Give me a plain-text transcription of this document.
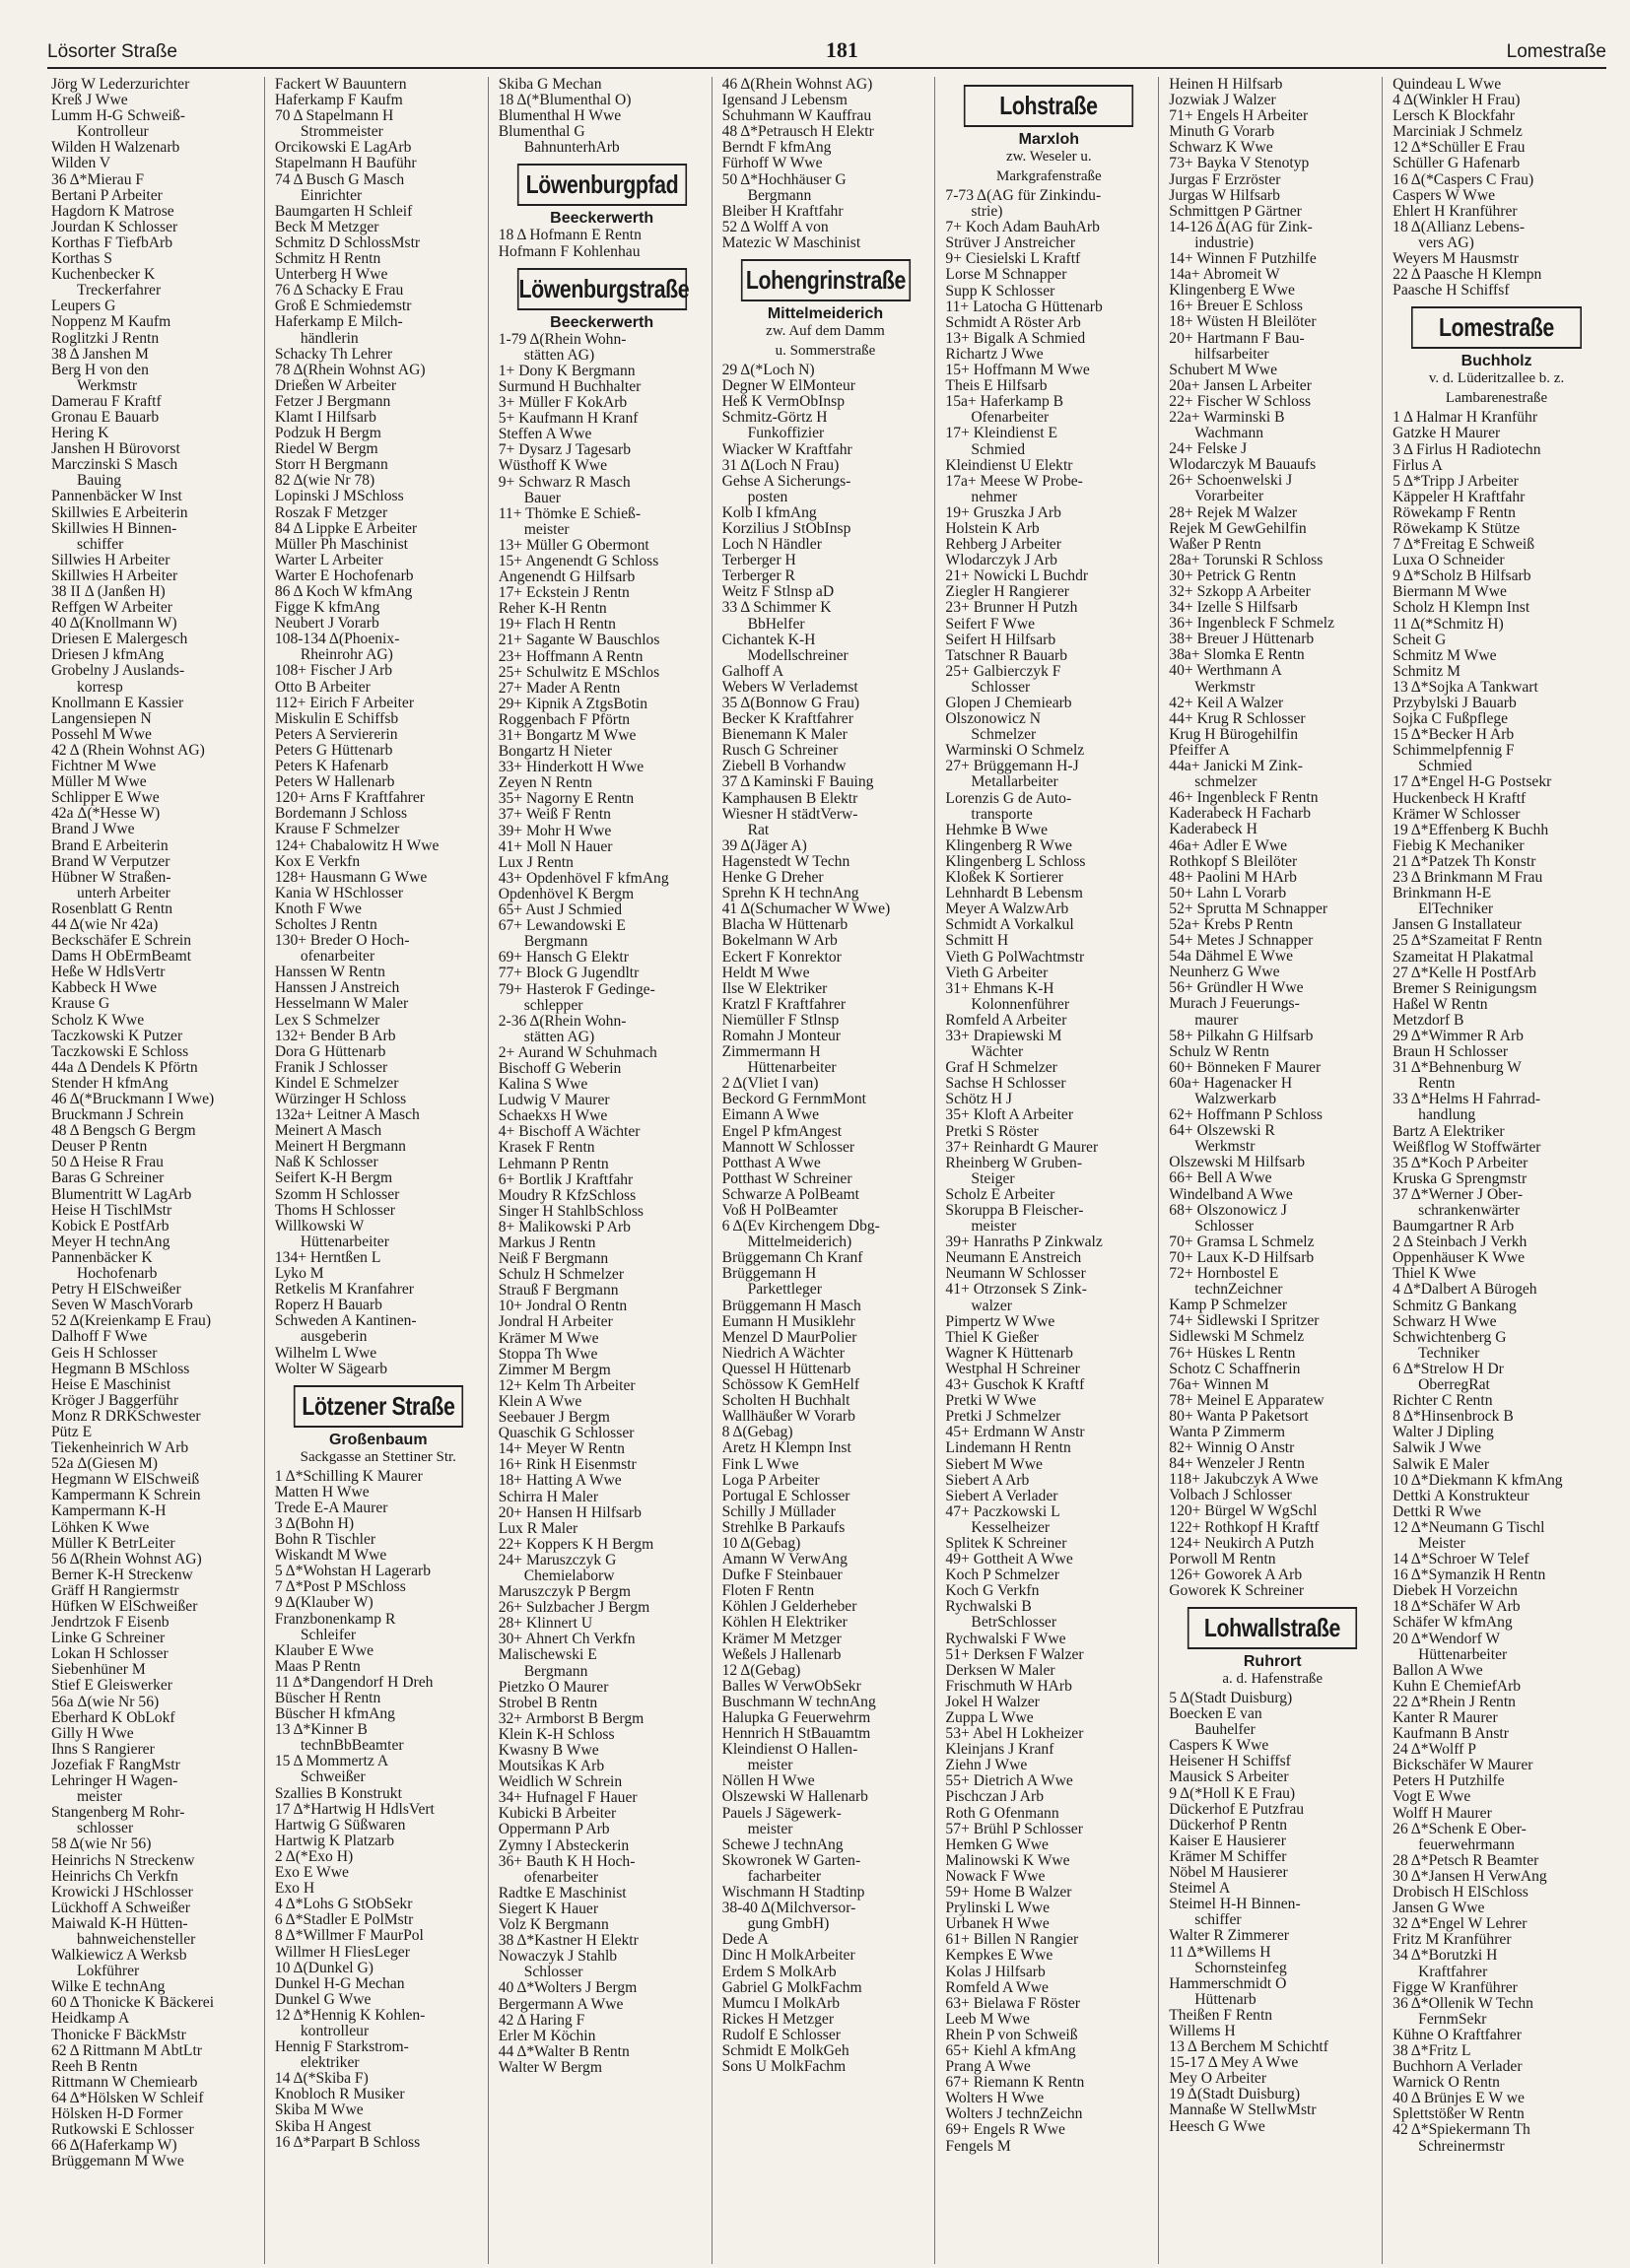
Lösorter Straße	181	Lomestraße
Jörg W Lederzurichter
Kreß J Wwe
Lumm H-G Schweiß-
Kontrolleur
Wilden H Walzenarb
Wilden V
36 Δ*Mierau F
Bertani P Arbeiter
Hagdorn K Matrose
Jourdan K Schlosser
Korthas F TiefbArb
Korthas S
Kuchenbecker K
Treckerfahrer
Leupers G
Noppenz M Kaufm
Roglitzki J Rentn
38 Δ Janshen M
Berg H von den
Werkmstr
Damerau F Kraftf
Gronau E Bauarb
Hering K
Janshen H Bürovorst
Marczinski S Masch
Bauing
Pannenbäcker W Inst
Skillwies E Arbeiterin
Skillwies H Binnen-
schiffer
Sillwies H Arbeiter
Skillwies H Arbeiter
38 II Δ (Janßen H)
Reffgen W Arbeiter
40 Δ(Knollmann W)
Driesen E Malergesch
Driesen J kfmAng
Grobelny J Auslands-
korresp
Knollmann E Kassier
Langensiepen N
Possehl M Wwe
42 Δ (Rhein Wohnst AG)
Fichtner M Wwe
Müller M Wwe
Schlipper E Wwe
42a Δ(*Hesse W)
Brand J Wwe
Brand E Arbeiterin
Brand W Verputzer
Hübner W Straßen-
unterh Arbeiter
Rosenblatt G Rentn
44 Δ(wie Nr 42a)
Beckschäfer E Schrein
Dams H ObErmBeamt
Heße W HdlsVertr
Kabbeck H Wwe
Krause G
Scholz K Wwe
Taczkowski K Putzer
Taczkowski E Schloss
44a Δ Dendels K Pförtn
Stender H kfmAng
46 Δ(*Bruckmann I Wwe)
Bruckmann J Schrein
48 Δ Bengsch G Bergm
Deuser P Rentn
50 Δ Heise R Frau
Baras G Schreiner
Blumentritt W LagArb
Heise H TischlMstr
Kobick E PostfArb
Meyer H technAng
Pannenbäcker K
Hochofenarb
Petry H ElSchweißer
Seven W MaschVorarb
52 Δ(Kreienkamp E Frau)
Dalhoff F Wwe
Geis H Schlosser
Hegmann B MSchloss
Heise E Maschinist
Kröger J Baggerführ
Monz R DRKSchwester
Pütz E
Tiekenheinrich W Arb
52a Δ(Giesen M)
Hegmann W ElSchweiß
Kampermann K Schrein
Kampermann K-H
Löhken K Wwe
Müller K BetrLeiter
56 Δ(Rhein Wohnst AG)
Berner K-H Streckenw
Gräff H Rangiermstr
Hüfken W ElSchweißer
Jendrtzok F Eisenb
Linke G Schreiner
Lokan H Schlosser
Siebenhüner M
Stief E Gleiswerker
56a Δ(wie Nr 56)
Eberhard K ObLokf
Gilly H Wwe
Ihns S Rangierer
Jozefiak F RangMstr
Lehringer H Wagen-
meister
Stangenberg M Rohr-
schlosser
58 Δ(wie Nr 56)
Heinrichs N Streckenw
Heinrichs Ch Verkfn
Krowicki J HSchlosser
Lückhoff A Schweißer
Maiwald K-H Hütten-
bahnweichensteller
Walkiewicz A Werksb
Lokführer
Wilke E technAng
60 Δ Thonicke K Bäckerei
Heidkamp A
Thonicke F BäckMstr
62 Δ Rittmann M AbtLtr
Reeh B Rentn
Rittmann W Chemiearb
64 Δ*Hölsken W Schleif
Hölsken H-D Former
Rutkowski E Schlosser
66 Δ(Haferkamp W)
Brüggemann M Wwe
Fackert W Bauuntern
Haferkamp F Kaufm
70 Δ Stapelmann H
Strommeister
Orcikowski E LagArb
Stapelmann H Bauführ
74 Δ Busch G Masch
Einrichter
Baumgarten H Schleif
Beck M Metzger
Schmitz D SchlossMstr
Schmitz H Rentn
Unterberg H Wwe
76 Δ Schacky E Frau
Groß E Schmiedemstr
Haferkamp E Milch-
händlerin
Schacky Th Lehrer
78 Δ(Rhein Wohnst AG)
Drießen W Arbeiter
Fetzer J Bergmann
Klamt I Hilfsarb
Podzuk H Bergm
Riedel W Bergm
Storr H Bergmann
82 Δ(wie Nr 78)
Lopinski J MSchloss
Roszak F Metzger
84 Δ Lippke E Arbeiter
Müller Ph Maschinist
Warter L Arbeiter
Warter E Hochofenarb
86 Δ Koch W kfmAng
Figge K kfmAng
Neubert J Vorarb
108-134 Δ(Phoenix-
Rheinrohr AG)
108+ Fischer J Arb
Otto B Arbeiter
112+ Eirich F Arbeiter
Miskulin E Schiffsb
Peters A Serviererin
Peters G Hüttenarb
Peters K Hafenarb
Peters W Hallenarb
120+ Arns F Kraftfahrer
Bordemann J Schloss
Krause F Schmelzer
124+ Chabalowitz H Wwe
Kox E Verkfn
128+ Hausmann G Wwe
Kania W HSchlosser
Knoth F Wwe
Scholtes J Rentn
130+ Breder O Hoch-
ofenarbeiter
Hanssen W Rentn
Hanssen J Anstreich
Hesselmann W Maler
Lex S Schmelzer
132+ Bender B Arb
Dora G Hüttenarb
Franik J Schlosser
Kindel E Schmelzer
Würzinger H Schloss
132a+ Leitner A Masch
Meinert A Masch
Meinert H Bergmann
Naß K Schlosser
Seifert K-H Bergm
Szomm H Schlosser
Thoms H Schlosser
Willkowski W
Hüttenarbeiter
134+ Herntßen L
Lyko M
Retkelis M Kranfahrer
Roperz H Bauarb
Schweden A Kantinen-
ausgeberin
Wilhelm L Wwe
Wolter W Sägearb
Lötzener Straße
Großenbaum
Sackgasse an Stettiner Str.
1 Δ*Schilling K Maurer
Matten H Wwe
Trede E-A Maurer
3 Δ(Bohn H)
Bohn R Tischler
Wiskandt M Wwe
5 Δ*Wohstan H Lagerarb
7 Δ*Post P MSchloss
9 Δ(Klauber W)
Franzbonenkamp R
Schleifer
Klauber E Wwe
Maas P Rentn
11 Δ*Dangendorf H Dreh
Büscher H Rentn
Büscher H kfmAng
13 Δ*Kinner B
technBbBeamter
15 Δ Mommertz A
Schweißer
Szallies B Konstrukt
17 Δ*Hartwig H HdlsVert
Hartwig G Süßwaren
Hartwig K Platzarb
2 Δ(*Exo H)
Exo E Wwe
Exo H
4 Δ*Lohs G StObSekr
6 Δ*Stadler E PolMstr
8 Δ*Willmer F MaurPol
Willmer H FliesLeger
10 Δ(Dunkel G)
Dunkel H-G Mechan
Dunkel G Wwe
12 Δ*Hennig K Kohlen-
kontrolleur
Hennig F Starkstrom-
elektriker
14 Δ(*Skiba F)
Knobloch R Musiker
Skiba M Wwe
Skiba H Angest
16 Δ*Parpart B Schloss
Skiba G Mechan
18 Δ(*Blumenthal O)
Blumenthal H Wwe
Blumenthal G
BahnunterhArb
Löwenburgpfad
Beeckerwerth
18 Δ Hofmann E Rentn
Hofmann F Kohlenhau
Löwenburgstraße
Beeckerwerth
1-79 Δ(Rhein Wohn-
stätten AG)
1+ Dony K Bergmann
Surmund H Buchhalter
3+ Müller F KokArb
5+ Kaufmann H Kranf
Steffen A Wwe
7+ Dysarz J Tagesarb
Wüsthoff K Wwe
9+ Schwarz R Masch
Bauer
11+ Thömke E Schieß-
meister
13+ Müller G Obermont
15+ Angenendt G Schloss
Angenendt G Hilfsarb
17+ Eckstein J Rentn
Reher K-H Rentn
19+ Flach H Rentn
21+ Sagante W Bauschlos
23+ Hoffmann A Rentn
25+ Schulwitz E MSchlos
27+ Mader A Rentn
29+ Kipnik A ZtgsBotin
Roggenbach F Pförtn
31+ Bongartz M Wwe
Bongartz H Nieter
33+ Hinderkott H Wwe
Zeyen N Rentn
35+ Nagorny E Rentn
37+ Weiß F Rentn
39+ Mohr H Wwe
41+ Moll N Hauer
Lux J Rentn
43+ Opdenhövel F kfmAng
Opdenhövel K Bergm
65+ Aust J Schmied
67+ Lewandowski E
Bergmann
69+ Hansch G Elektr
77+ Block G Jugendltr
79+ Hasterok F Gedinge-
schlepper
2-36 Δ(Rhein Wohn-
stätten AG)
2+ Aurand W Schuhmach
Bischoff G Weberin
Kalina S Wwe
Ludwig V Maurer
Schaekxs H Wwe
4+ Bischoff A Wächter
Krasek F Rentn
Lehmann P Rentn
6+ Bortlik J Kraftfahr
Moudry R KfzSchloss
Singer H StahlbSchloss
8+ Malikowski P Arb
Markus J Rentn
Neiß F Bergmann
Schulz H Schmelzer
Strauß F Bergmann
10+ Jondral O Rentn
Jondral H Arbeiter
Krämer M Wwe
Stoppa Th Wwe
Zimmer M Bergm
12+ Kelm Th Arbeiter
Klein A Wwe
Seebauer J Bergm
Quaschik G Schlosser
14+ Meyer W Rentn
16+ Rink H Eisenmstr
18+ Hatting A Wwe
Schirra H Maler
20+ Hansen H Hilfsarb
Lux R Maler
22+ Koppers K H Bergm
24+ Maruszczyk G
Chemielaborw
Maruszczyk P Bergm
26+ Sulzbacher J Bergm
28+ Klinnert U
30+ Ahnert Ch Verkfn
Malischewski E
Bergmann
Pietzko O Maurer
Strobel B Rentn
32+ Armborst B Bergm
Klein K-H Schloss
Kwasny B Wwe
Moutsikas K Arb
Weidlich W Schrein
34+ Hufnagel F Hauer
Kubicki B Arbeiter
Oppermann P Arb
Zymny I Absteckerin
36+ Bauth K H Hoch-
ofenarbeiter
Radtke E Maschinist
Siegert K Hauer
Volz K Bergmann
38 Δ*Kastner H Elektr
Nowaczyk J Stahlb
Schlosser
40 Δ*Wolters J Bergm
Bergermann A Wwe
42 Δ Haring F
Erler M Köchin
44 Δ*Walter B Rentn
Walter W Bergm
46 Δ(Rhein Wohnst AG)
Igensand J Lebensm
Schuhmann W Kauffrau
48 Δ*Petrausch H Elektr
Berndt F kfmAng
Fürhoff W Wwe
50 Δ*Hochhäuser G
Bergmann
Bleiber H Kraftfahr
52 Δ Wolff A von
Matezic W Maschinist
Lohengrinstraße
Mittelmeiderich
zw. Auf dem Damm
u. Sommerstraße
29 Δ(*Loch N)
Degner W ElMonteur
Heß K VermObInsp
Schmitz-Görtz H
Funkoffizier
Wiacker W Kraftfahr
31 Δ(Loch N Frau)
Gehse A Sicherungs-
posten
Kolb I kfmAng
Korzilius J StObInsp
Loch N Händler
Terberger H
Terberger R
Weitz F Stlnsp aD
33 Δ Schimmer K
BbHelfer
Cichantek K-H
Modellschreiner
Galhoff A
Webers W Verlademst
35 Δ(Bonnow G Frau)
Becker K Kraftfahrer
Bienemann K Maler
Rusch G Schreiner
Ziebell B Vorhandw
37 Δ Kaminski F Bauing
Kamphausen B Elektr
Wiesner H städtVerw-
Rat
39 Δ(Jäger A)
Hagenstedt W Techn
Henke G Dreher
Sprehn K H technAng
41 Δ(Schumacher W Wwe)
Blacha W Hüttenarb
Bokelmann W Arb
Eckert F Konrektor
Heldt M Wwe
Ilse W Elektriker
Kratzl F Kraftfahrer
Niemüller F Stlnsp
Romahn J Monteur
Zimmermann H
Hüttenarbeiter
2 Δ(Vliet I van)
Beckord G FernmMont
Eimann A Wwe
Engel P kfmAngest
Mannott W Schlosser
Potthast A Wwe
Potthast W Schreiner
Schwarze A PolBeamt
Voß H PolBeamter
6 Δ(Ev Kirchengem Dbg-
Mittelmeiderich)
Brüggemann Ch Kranf
Brüggemann H
Parkettleger
Brüggemann H Masch
Eumann H Musiklehr
Menzel D MaurPolier
Niedrich A Wächter
Quessel H Hüttenarb
Schössow K GemHelf
Scholten H Buchhalt
Wallhäußer W Vorarb
8 Δ(Gebag)
Aretz H Klempn Inst
Fink L Wwe
Loga P Arbeiter
Portugal E Schlosser
Schilly J Müllader
Strehlke B Parkaufs
10 Δ(Gebag)
Amann W VerwAng
Dufke F Steinbauer
Floten F Rentn
Köhlen J Gelderheber
Köhlen H Elektriker
Krämer M Metzger
Weßels J Hallenarb
12 Δ(Gebag)
Balles W VerwObSekr
Buschmann W technAng
Halupka G Feuerwehrm
Hennrich H StBauamtm
Kleindienst O Hallen-
meister
Nöllen H Wwe
Olszewski W Hallenarb
Pauels J Sägewerk-
meister
Schewe J technAng
Skowronek W Garten-
facharbeiter
Wischmann H Stadtinp
38-40 Δ(Milchversor-
gung GmbH)
Dede A
Dinc H MolkArbeiter
Erdem S MolkArb
Gabriel G MolkFachm
Mumcu I MolkArb
Rickes H Metzger
Rudolf E Schlosser
Schmidt E MolkGeh
Sons U MolkFachm
Lohstraße
Marxloh
zw. Weseler u.
Markgrafenstraße
7-73 Δ(AG für Zinkindu-
strie)
7+ Koch Adam BauhArb
Strüver J Anstreicher
9+ Ciesielski L Kraftf
Lorse M Schnapper
Supp K Schlosser
11+ Latocha G Hüttenarb
Schmidt A Röster Arb
13+ Bigalk A Schmied
Richartz J Wwe
15+ Hoffmann M Wwe
Theis E Hilfsarb
15a+ Haferkamp B
Ofenarbeiter
17+ Kleindienst E
Schmied
Kleindienst U Elektr
17a+ Meese W Probe-
nehmer
19+ Gruszka J Arb
Holstein K Arb
Rehberg J Arbeiter
Wlodarczyk J Arb
21+ Nowicki L Buchdr
Ziegler H Rangierer
23+ Brunner H Putzh
Seifert F Wwe
Seifert H Hilfsarb
Tatschner R Bauarb
25+ Galbierczyk F
Schlosser
Glopen J Chemiearb
Olszonowicz N
Schmelzer
Warminski O Schmelz
27+ Brüggemann H-J
Metallarbeiter
Lorenzis G de Auto-
transporte
Hehmke B Wwe
Klingenberg R Wwe
Klingenberg L Schloss
Kloßek K Sortierer
Lehnhardt B Lebensm
Meyer A WalzwArb
Schmidt A Vorkalkul
Schmitt H
Vieth G PolWachtmstr
Vieth G Arbeiter
31+ Ehmans K-H
Kolonnenführer
Romfeld A Arbeiter
33+ Drapiewski M
Wächter
Graf H Schmelzer
Sachse H Schlosser
Schötz H J
35+ Kloft A Arbeiter
Pretki S Röster
37+ Reinhardt G Maurer
Rheinberg W Gruben-
Steiger
Scholz E Arbeiter
Skoruppa B Fleischer-
meister
39+ Hanraths P Zinkwalz
Neumann E Anstreich
Neumann W Schlosser
41+ Otrzonsek S Zink-
walzer
Pimpertz W Wwe
Thiel K Gießer
Wagner K Hüttenarb
Westphal H Schreiner
43+ Guschok K Kraftf
Pretki W Wwe
Pretki J Schmelzer
45+ Erdmann W Anstr
Lindemann H Rentn
Siebert M Wwe
Siebert A Arb
Siebert A Verlader
47+ Paczkowski L
Kesselheizer
Splitek K Schreiner
49+ Gottheit A Wwe
Koch P Schmelzer
Koch G Verkfn
Rychwalski B
BetrSchlosser
Rychwalski F Wwe
51+ Derksen F Walzer
Derksen W Maler
Frischmuth W HArb
Jokel H Walzer
Zuppa L Wwe
53+ Abel H Lokheizer
Kleinjans J Kranf
Ziehn J Wwe
55+ Dietrich A Wwe
Pischczan J Arb
Roth G Ofenmann
57+ Brühl P Schlosser
Hemken G Wwe
Malinowski K Wwe
Nowack F Wwe
59+ Home B Walzer
Prylinski L Wwe
Urbanek H Wwe
61+ Billen N Rangier
Kempkes E Wwe
Kolas J Hilfsarb
Romfeld A Wwe
63+ Bielawa F Röster
Leeb M Wwe
Rhein P von Schweiß
65+ Kiehl A kfmAng
Prang A Wwe
67+ Riemann K Rentn
Wolters H Wwe
Wolters J technZeichn
69+ Engels R Wwe
Fengels M
Heinen H Hilfsarb
Jozwiak J Walzer
71+ Engels H Arbeiter
Minuth G Vorarb
Schwarz K Wwe
73+ Bayka V Stenotyp
Jurgas F Erzröster
Jurgas W Hilfsarb
Schmittgen P Gärtner
14-126 Δ(AG für Zink-
industrie)
14+ Winnen F Putzhilfe
14a+ Abromeit W
Klingenberg E Wwe
16+ Breuer E Schloss
18+ Wüsten H Bleilöter
20+ Hartmann F Bau-
hilfsarbeiter
Schubert M Wwe
20a+ Jansen L Arbeiter
22+ Fischer W Schloss
22a+ Warminski B
Wachmann
24+ Felske J
Wlodarczyk M Bauaufs
26+ Schoenwelski J
Vorarbeiter
28+ Rejek M Walzer
Rejek M GewGehilfin
Waßer P Rentn
28a+ Torunski R Schloss
30+ Petrick G Rentn
32+ Szkopp A Arbeiter
34+ Izelle S Hilfsarb
36+ Ingenbleck F Schmelz
38+ Breuer J Hüttenarb
38a+ Slomka E Rentn
40+ Werthmann A
Werkmstr
42+ Keil A Walzer
44+ Krug R Schlosser
Krug H Bürogehilfin
Pfeiffer A
44a+ Janicki M Zink-
schmelzer
46+ Ingenbleck F Rentn
Kaderabeck H Facharb
Kaderabeck H
46a+ Adler E Wwe
Rothkopf S Bleilöter
48+ Paolini M HArb
50+ Lahn L Vorarb
52+ Sprutta M Schnapper
52a+ Krebs P Rentn
54+ Metes J Schnapper
54a Dähmel E Wwe
Neunherz G Wwe
56+ Gründler H Wwe
Murach J Feuerungs-
maurer
58+ Pilkahn G Hilfsarb
Schulz W Rentn
60+ Bönneken F Maurer
60a+ Hagenacker H
Walzwerkarb
62+ Hoffmann P Schloss
64+ Olszewski R
Werkmstr
Olszewski M Hilfsarb
66+ Bell A Wwe
Windelband A Wwe
68+ Olszonowicz J
Schlosser
70+ Gramsa L Schmelz
70+ Laux K-D Hilfsarb
72+ Hornbostel E
technZeichner
Kamp P Schmelzer
74+ Sidlewski I Spritzer
Sidlewski M Schmelz
76+ Hüskes L Rentn
Schotz C Schaffnerin
76a+ Winnen M
78+ Meinel E Apparatew
80+ Wanta P Paketsort
Wanta P Zimmerm
82+ Winnig O Anstr
84+ Wenzeler J Rentn
118+ Jakubczyk A Wwe
Volbach J Schlosser
120+ Bürgel W WgSchl
122+ Rothkopf H Kraftf
124+ Neukirch A Putzh
Porwoll M Rentn
126+ Goworek A Arb
Goworek K Schreiner
Lohwallstraße
Ruhrort
a. d. Hafenstraße
5 Δ(Stadt Duisburg)
Boecken E van
Bauhelfer
Caspers K Wwe
Heisener H Schiffsf
Mausick S Arbeiter
9 Δ(*Holl K E Frau)
Dückerhof E Putzfrau
Dückerhof P Rentn
Kaiser E Hausierer
Krämer M Schiffer
Nöbel M Hausierer
Steimel A
Steimel H-H Binnen-
schiffer
Walter R Zimmerer
11 Δ*Willems H
Schornsteinfeg
Hammerschmidt O
Hüttenarb
Theißen F Rentn
Willems H
13 Δ Berchem M Schichtf
15-17 Δ Mey A Wwe
Mey O Arbeiter
19 Δ(Stadt Duisburg)
Mannaße W StellwMstr
Heesch G Wwe
Quindeau L Wwe
4 Δ(Winkler H Frau)
Lersch K Blockfahr
Marciniak J Schmelz
12 Δ*Schüller E Frau
Schüller G Hafenarb
16 Δ(*Caspers C Frau)
Caspers W Wwe
Ehlert H Kranführer
18 Δ(Allianz Lebens-
vers AG)
Weyers M Hausmstr
22 Δ Paasche H Klempn
Paasche H Schiffsf
Lomestraße
Buchholz
v. d. Lüderitzallee b. z.
Lambarenestraße
1 Δ Halmar H Kranführ
Gatzke H Maurer
3 Δ Firlus H Radiotechn
Firlus A
5 Δ*Tripp J Arbeiter
Käppeler H Kraftfahr
Röwekamp F Rentn
Röwekamp K Stütze
7 Δ*Freitag E Schweiß
Luxa O Schneider
9 Δ*Scholz B Hilfsarb
Biermann M Wwe
Scholz H Klempn Inst
11 Δ(*Schmitz H)
Scheit G
Schmitz M Wwe
Schmitz M
13 Δ*Sojka A Tankwart
Przybylski J Bauarb
Sojka C Fußpflege
15 Δ*Becker H Arb
Schimmelpfennig F
Schmied
17 Δ*Engel H-G Postsekr
Huckenbeck H Kraftf
Krämer W Schlosser
19 Δ*Effenberg K Buchh
Fiebig K Mechaniker
21 Δ*Patzek Th Konstr
23 Δ Brinkmann M Frau
Brinkmann H-E
ElTechniker
Jansen G Installateur
25 Δ*Szameitat F Rentn
Szameitat H Plakatmal
27 Δ*Kelle H PostfArb
Bremer S Reinigungsm
Haßel W Rentn
Metzdorf B
29 Δ*Wimmer R Arb
Braun H Schlosser
31 Δ*Behnenburg W
Rentn
33 Δ*Helms H Fahrrad-
handlung
Bartz A Elektriker
Weißflog W Stoffwärter
35 Δ*Koch P Arbeiter
Kruska G Sprengmstr
37 Δ*Werner J Ober-
schrankenwärter
Baumgartner R Arb
2 Δ Steinbach J Verkh
Oppenhäuser K Wwe
Thiel K Wwe
4 Δ*Dalbert A Bürogeh
Schmitz G Bankang
Schwarz H Wwe
Schwichtenberg G
Techniker
6 Δ*Strelow H Dr
OberregRat
Richter C Rentn
8 Δ*Hinsenbrock B
Walter J Dipling
Salwik J Wwe
Salwik E Maler
10 Δ*Diekmann K kfmAng
Dettki A Konstrukteur
Dettki R Wwe
12 Δ*Neumann G Tischl
Meister
14 Δ*Schroer W Telef
16 Δ*Symanzik H Rentn
Diebek H Vorzeichn
18 Δ*Schäfer W Arb
Schäfer W kfmAng
20 Δ*Wendorf W
Hüttenarbeiter
Ballon A Wwe
Kuhn E ChemiefArb
22 Δ*Rhein J Rentn
Kanter R Maurer
Kaufmann B Anstr
24 Δ*Wolff P
Bickschäfer W Maurer
Peters H Putzhilfe
Vogt E Wwe
Wolff H Maurer
26 Δ*Schenk E Ober-
feuerwehrmann
28 Δ*Petsch R Beamter
30 Δ*Jansen H VerwAng
Drobisch H ElSchloss
Jansen G Wwe
32 Δ*Engel W Lehrer
Fritz M Kranführer
34 Δ*Borutzki H
Kraftfahrer
Figge W Kranführer
36 Δ*Ollenik W Techn
FernmSekr
Kühne O Kraftfahrer
38 Δ*Fritz L
Buchhorn A Verlader
Warnick O Rentn
40 Δ Brünjes E W we
Splettstößer W Rentn
42 Δ*Spiekermann Th
Schreinermstr
